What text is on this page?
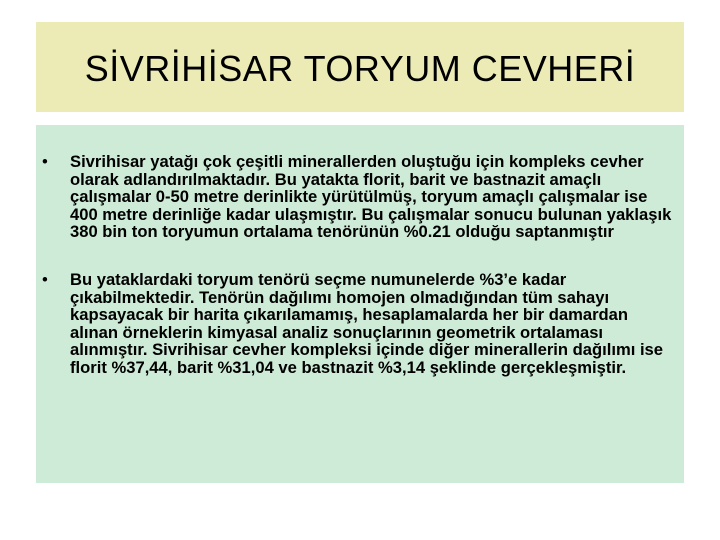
SİVRİHİSAR TORYUM CEVHERİ
• Sivrihisar yatağı çok çeşitli minerallerden oluştuğu için kompleks cevher olarak adlandırılmaktadır. Bu yatakta florit, barit ve bastnazit amaçlı çalışmalar 0-50 metre derinlikte yürütülmüş, toryum amaçlı çalışmalar ise 400 metre derinliğe kadar ulaşmıştır. Bu çalışmalar sonucu bulunan yaklaşık 380 bin ton toryumun ortalama tenörünün %0.21 olduğu saptanmıştır
• Bu yataklardaki toryum tenörü seçme numunelerde %3’e kadar çıkabilmektedir. Tenörün dağılımı homojen olmadığından tüm sahayı kapsayacak bir harita çıkarılamamış, hesaplamalarda her bir damardan alınan örneklerin kimyasal analiz sonuçlarının geometrik ortalaması alınmıştır. Sivrihisar cevher kompleksi içinde diğer minerallerin dağılımı ise florit %37,44, barit %31,04 ve bastnazit %3,14 şeklinde gerçekleşmiştir.
